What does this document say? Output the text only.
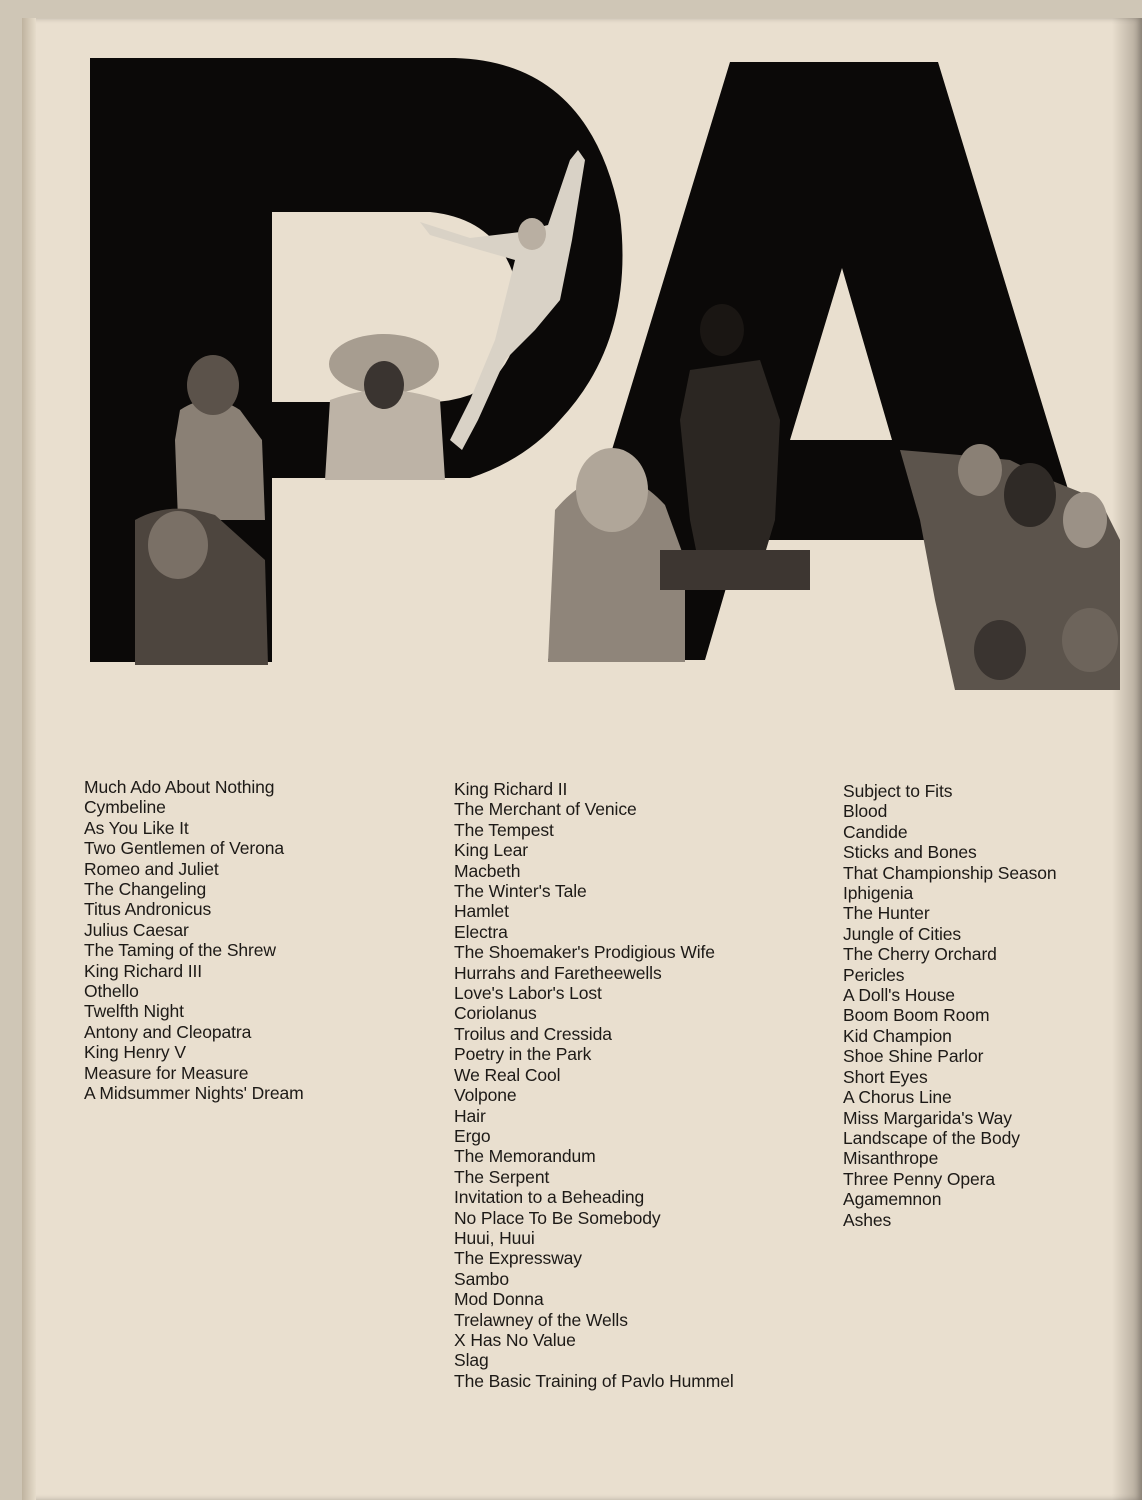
Much Ado About Nothing
Cymbeline
As You Like It
Two Gentlemen of Verona
Romeo and Juliet
The Changeling
Titus Andronicus
Julius Caesar
The Taming of the Shrew
King Richard III
Othello
Twelfth Night
Antony and Cleopatra
King Henry V
Measure for Measure
A Midsummer Nights' Dream
King Richard II
The Merchant of Venice
The Tempest
King Lear
Macbeth
The Winter's Tale
Hamlet
Electra
The Shoemaker's Prodigious Wife
Hurrahs and Faretheewells
Love's Labor's Lost
Coriolanus
Troilus and Cressida
Poetry in the Park
We Real Cool
Volpone
Hair
Ergo
The Memorandum
The Serpent
Invitation to a Beheading
No Place To Be Somebody
Huui, Huui
The Expressway
Sambo
Mod Donna
Trelawney of the Wells
X Has No Value
Slag
The Basic Training of Pavlo Hummel
Subject to Fits
Blood
Candide
Sticks and Bones
That Championship Season
Iphigenia
The Hunter
Jungle of Cities
The Cherry Orchard
Pericles
A Doll's House
Boom Boom Room
Kid Champion
Shoe Shine Parlor
Short Eyes
A Chorus Line
Miss Margarida's Way
Landscape of the Body
Misanthrope
Three Penny Opera
Agamemnon
Ashes
